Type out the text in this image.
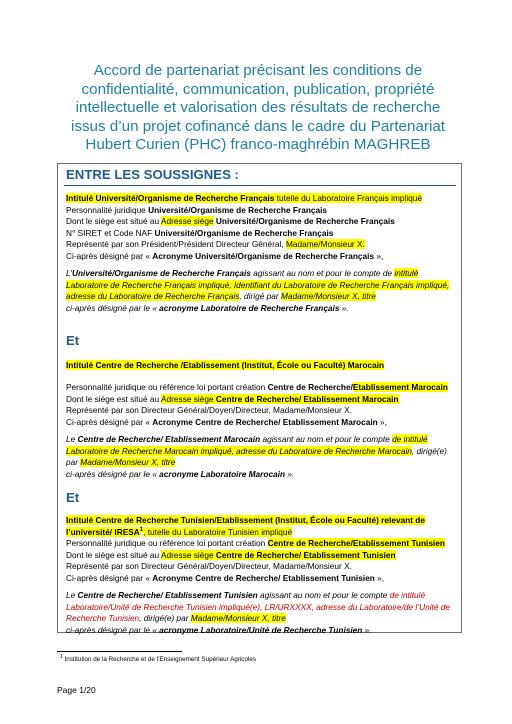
Accord de partenariat précisant les conditions de confidentialité, communication, publication, propriété intellectuelle et valorisation des résultats de recherche issus d’un projet cofinancé dans le cadre du Partenariat Hubert Curien (PHC) franco-maghrébin MAGHREB
ENTRE LES SOUSSIGNES :

Intitulé Université/Organisme de Recherche Français tutelle du Laboratoire Français impliqué

Personnalité juridique Université/Organisme de Recherche Français

Dont le siège est situé au Adresse siège Université/Organisme de Recherche Français

N° SIRET et Code NAF Université/Organisme de Recherche Français

Représenté par son Président/Président Directeur Général, Madame/Monsieur X.

Ci-après désigné par « Acronyme Université/Organisme de Recherche Français »,

L’Université/Organisme de Recherche Français agissant au nom et pour le compte de intitulé Laboratoire de Recherche Français impliqué, Identifiant du Laboratoire de Recherche Français impliqué, adresse du Laboratoire de Recherche Français, dirigé par Madame/Monsieur X, titre

ci-après désigné par le « acronyme Laboratoire de Recherche Français ».

Et

Intitulé Centre de Recherche /Etablissement (Institut, École ou Faculté) Marocain

Personnalité juridique ou référence loi portant création Centre de Recherche/Etablissement Marocain

Dont le siège est situé au Adresse siège Centre de Recherche/ Etablissement Marocain

Représenté par son Directeur Général/Doyen/Directeur, Madame/Monsieur X.

Ci-après désigné par « Acronyme Centre de Recherche/ Etablissement Marocain »,

Le Centre de Recherche/ Etablissement Marocain agissant au nom et pour le compte de intitulé Laboratoire de Recherche Marocain impliqué, adresse du Laboratoire de Recherche Marocain, dirigé(e) par Madame/Monsieur X, titre

ci-après désigné par le « acronyme Laboratoire Marocain ».

Et

Intitulé Centre de Recherche Tunisien/Etablissement (Institut, École ou Faculté) relevant de l’université/ IRESA$^1$, tutelle du Laboratoire Tunisien impliqué

Personnalité juridique ou référence loi portant création Centre de Recherche/Etablissement Tunisien

Dont le siège est situé au Adresse siège Centre de Recherche/ Etablissement Tunisien

Représenté par son Directeur Général/Doyen/Directeur, Madame/Monsieur X.

Ci-après désigné par « Acronyme Centre de Recherche/ Etablissement Tunisien »,

Le Centre de Recherche/ Etablissement Tunisien agissant au nom et pour le compte de intitulé Laboratoire/Unité de Recherche Tunisien impliqué(e), LR/URXXXX, adresse du Laboratoire/de l’Unité de Recherche Tunisien, dirigé(e) par Madame/Monsieur X, titre

ci-après désigné par le « acronyme Laboratoire/Unité de Recherche Tunisien ».

$^1$ Institution de la Recherche et de l’Enseignement Supérieur Agricoles
Page 1/20
